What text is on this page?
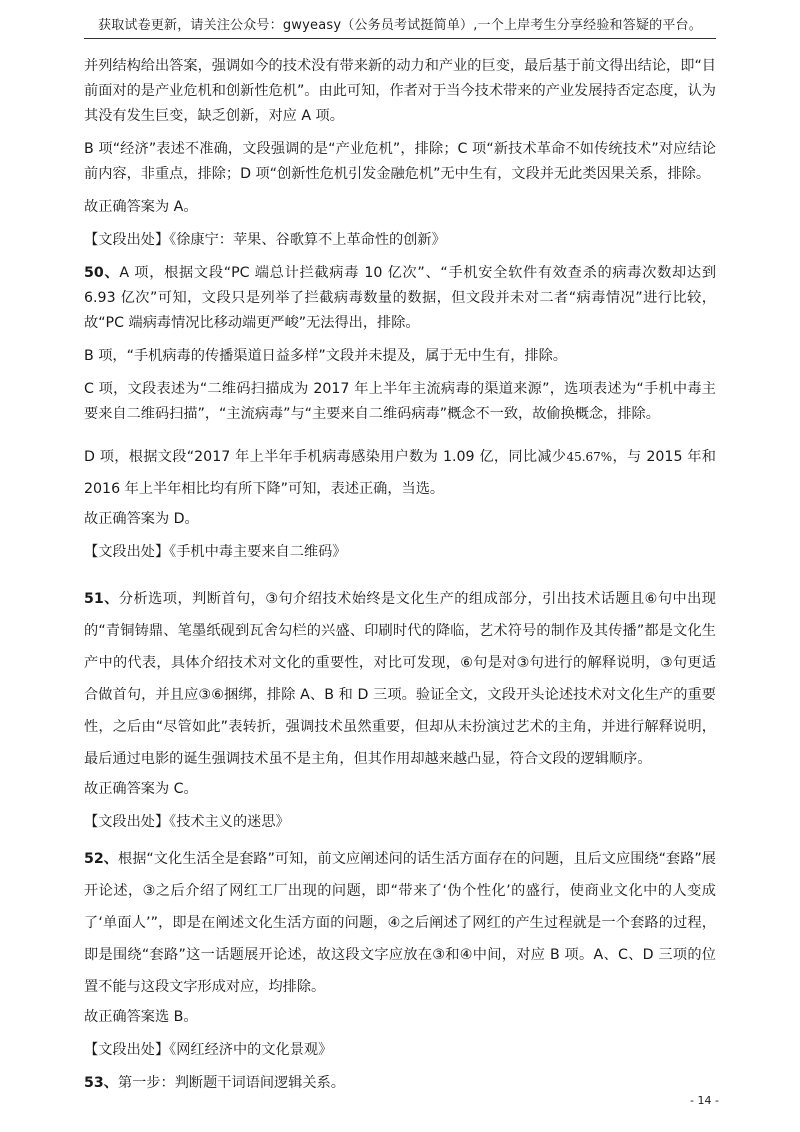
获取试卷更新，请关注公众号：gwyeasy（公务员考试挺简单）,一个上岸考生分享经验和答疑的平台。

并列结构给出答案，强调如今的技术没有带来新的动力和产业的巨变，最后基于前文得出结论，即“目前面对的是产业危机和创新性危机”。由此可知，作者对于当今技术带来的产业发展持否定态度，认为其没有发生巨变，缺乏创新，对应 A 项。

B 项“经济”表述不准确，文段强调的是“产业危机”，排除；C 项“新技术革命不如传统技术”对应结论前内容，非重点，排除；D 项“创新性危机引发金融危机”无中生有，文段并无此类因果关系，排除。

故正确答案为 A。

【文段出处】《徐康宁：苹果、谷歌算不上革命性的创新》

50、A 项，根据文段“PC 端总计拦截病毒 10 亿次”、“手机安全软件有效查杀的病毒次数却达到 6.93 亿次”可知，文段只是列举了拦截病毒数量的数据，但文段并未对二者“病毒情况”进行比较，故“PC 端病毒情况比移动端更严峻”无法得出，排除。

B 项，“手机病毒的传播渠道日益多样”文段并未提及，属于无中生有，排除。

C 项，文段表述为“二维码扫描成为 2017 年上半年主流病毒的渠道来源”，选项表述为“手机中毒主要来自二维码扫描”，“主流病毒”与“主要来自二维码病毒”概念不一致，故偷换概念，排除。

D 项，根据文段“2017 年上半年手机病毒感染用户数为 1.09 亿，同比减少45.67%，与 2015 年和 2016 年上半年相比均有所下降”可知，表述正确，当选。

故正确答案为 D。

【文段出处】《手机中毒主要来自二维码》

51、分析选项，判断首句，③句介绍技术始终是文化生产的组成部分，引出技术话题且⑥句中出现的“青铜铸鼎、笔墨纸砚到瓦舍勾栏的兴盛、印刷时代的降临，艺术符号的制作及其传播”都是文化生产中的代表，具体介绍技术对文化的重要性，对比可发现，⑥句是对③句进行的解释说明，③句更适合做首句，并且应③⑥捆绑，排除 A、B 和 D 三项。验证全文，文段开头论述技术对文化生产的重要性，之后由“尽管如此”表转折，强调技术虽然重要，但却从未扮演过艺术的主角，并进行解释说明，最后通过电影的诞生强调技术虽不是主角，但其作用却越来越凸显，符合文段的逻辑顺序。

故正确答案为 C。

【文段出处】《技术主义的迷思》

52、根据“文化生活全是套路”可知，前文应阐述问的话生活方面存在的问题，且后文应围绕“套路”展开论述，③之后介绍了网红工厂出现的问题，即“带来了‘伪个性化’的盛行，使商业文化中的人变成了‘单面人’”，即是在阐述文化生活方面的问题，④之后阐述了网红的产生过程就是一个套路的过程，即是围绕“套路”这一话题展开论述，故这段文字应放在③和④中间，对应 B 项。A、C、D 三项的位置不能与这段文字形成对应，均排除。

故正确答案选 B。

【文段出处】《网红经济中的文化景观》

53、第一步：判断题干词语间逻辑关系。

- 14 -
